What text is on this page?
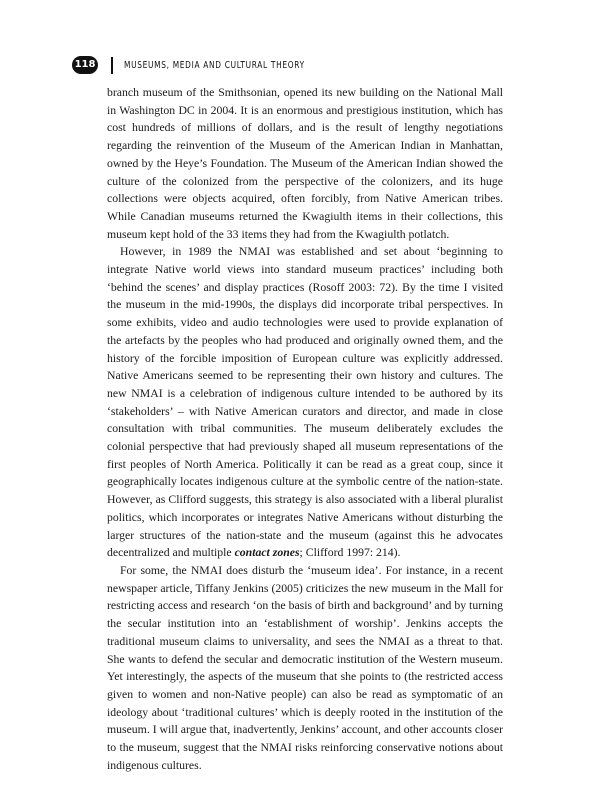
118	MUSEUMS, MEDIA AND CULTURAL THEORY

branch museum of the Smithsonian, opened its new building on the National Mall in Washington DC in 2004. It is an enormous and prestigious institution, which has cost hundreds of millions of dollars, and is the result of lengthy negotiations regarding the reinvention of the Museum of the American Indian in Manhattan, owned by the Heye’s Foundation. The Museum of the American Indian showed the culture of the colonized from the perspective of the colonizers, and its huge collections were objects acquired, often forcibly, from Native American tribes. While Canadian museums returned the Kwagiulth items in their collections, this museum kept hold of the 33 items they had from the Kwagiulth potlatch.

However, in 1989 the NMAI was established and set about ‘beginning to integrate Native world views into standard museum practices’ including both ‘behind the scenes’ and display practices (Rosoff 2003: 72). By the time I visited the museum in the mid-1990s, the displays did incorporate tribal perspectives. In some exhibits, video and audio technologies were used to provide explanation of the artefacts by the peoples who had produced and originally owned them, and the history of the forcible imposition of European culture was explicitly addressed. Native Americans seemed to be representing their own history and cultures. The new NMAI is a celebration of indigenous culture intended to be authored by its ‘stakeholders’ – with Native American curators and director, and made in close consultation with tribal communities. The museum deliberately excludes the colonial perspective that had previously shaped all museum representations of the first peoples of North America. Politically it can be read as a great coup, since it geographically locates indigenous culture at the symbolic centre of the nation-state. However, as Clifford suggests, this strategy is also associated with a liberal pluralist politics, which incorporates or integrates Native Americans without disturbing the larger structures of the nation-state and the museum (against this he advocates decentralized and multiple contact zones; Clifford 1997: 214).

For some, the NMAI does disturb the ‘museum idea’. For instance, in a recent newspaper article, Tiffany Jenkins (2005) criticizes the new museum in the Mall for restricting access and research ‘on the basis of birth and background’ and by turning the secular institution into an ‘establishment of worship’. Jenkins accepts the traditional museum claims to universality, and sees the NMAI as a threat to that. She wants to defend the secular and democratic institution of the Western museum. Yet interestingly, the aspects of the museum that she points to (the restricted access given to women and non-Native people) can also be read as symptomatic of an ideology about ‘traditional cultures’ which is deeply rooted in the institution of the museum. I will argue that, inadvertently, Jenkins’ account, and other accounts closer to the museum, suggest that the NMAI risks reinforcing conservative notions about indigenous cultures.
